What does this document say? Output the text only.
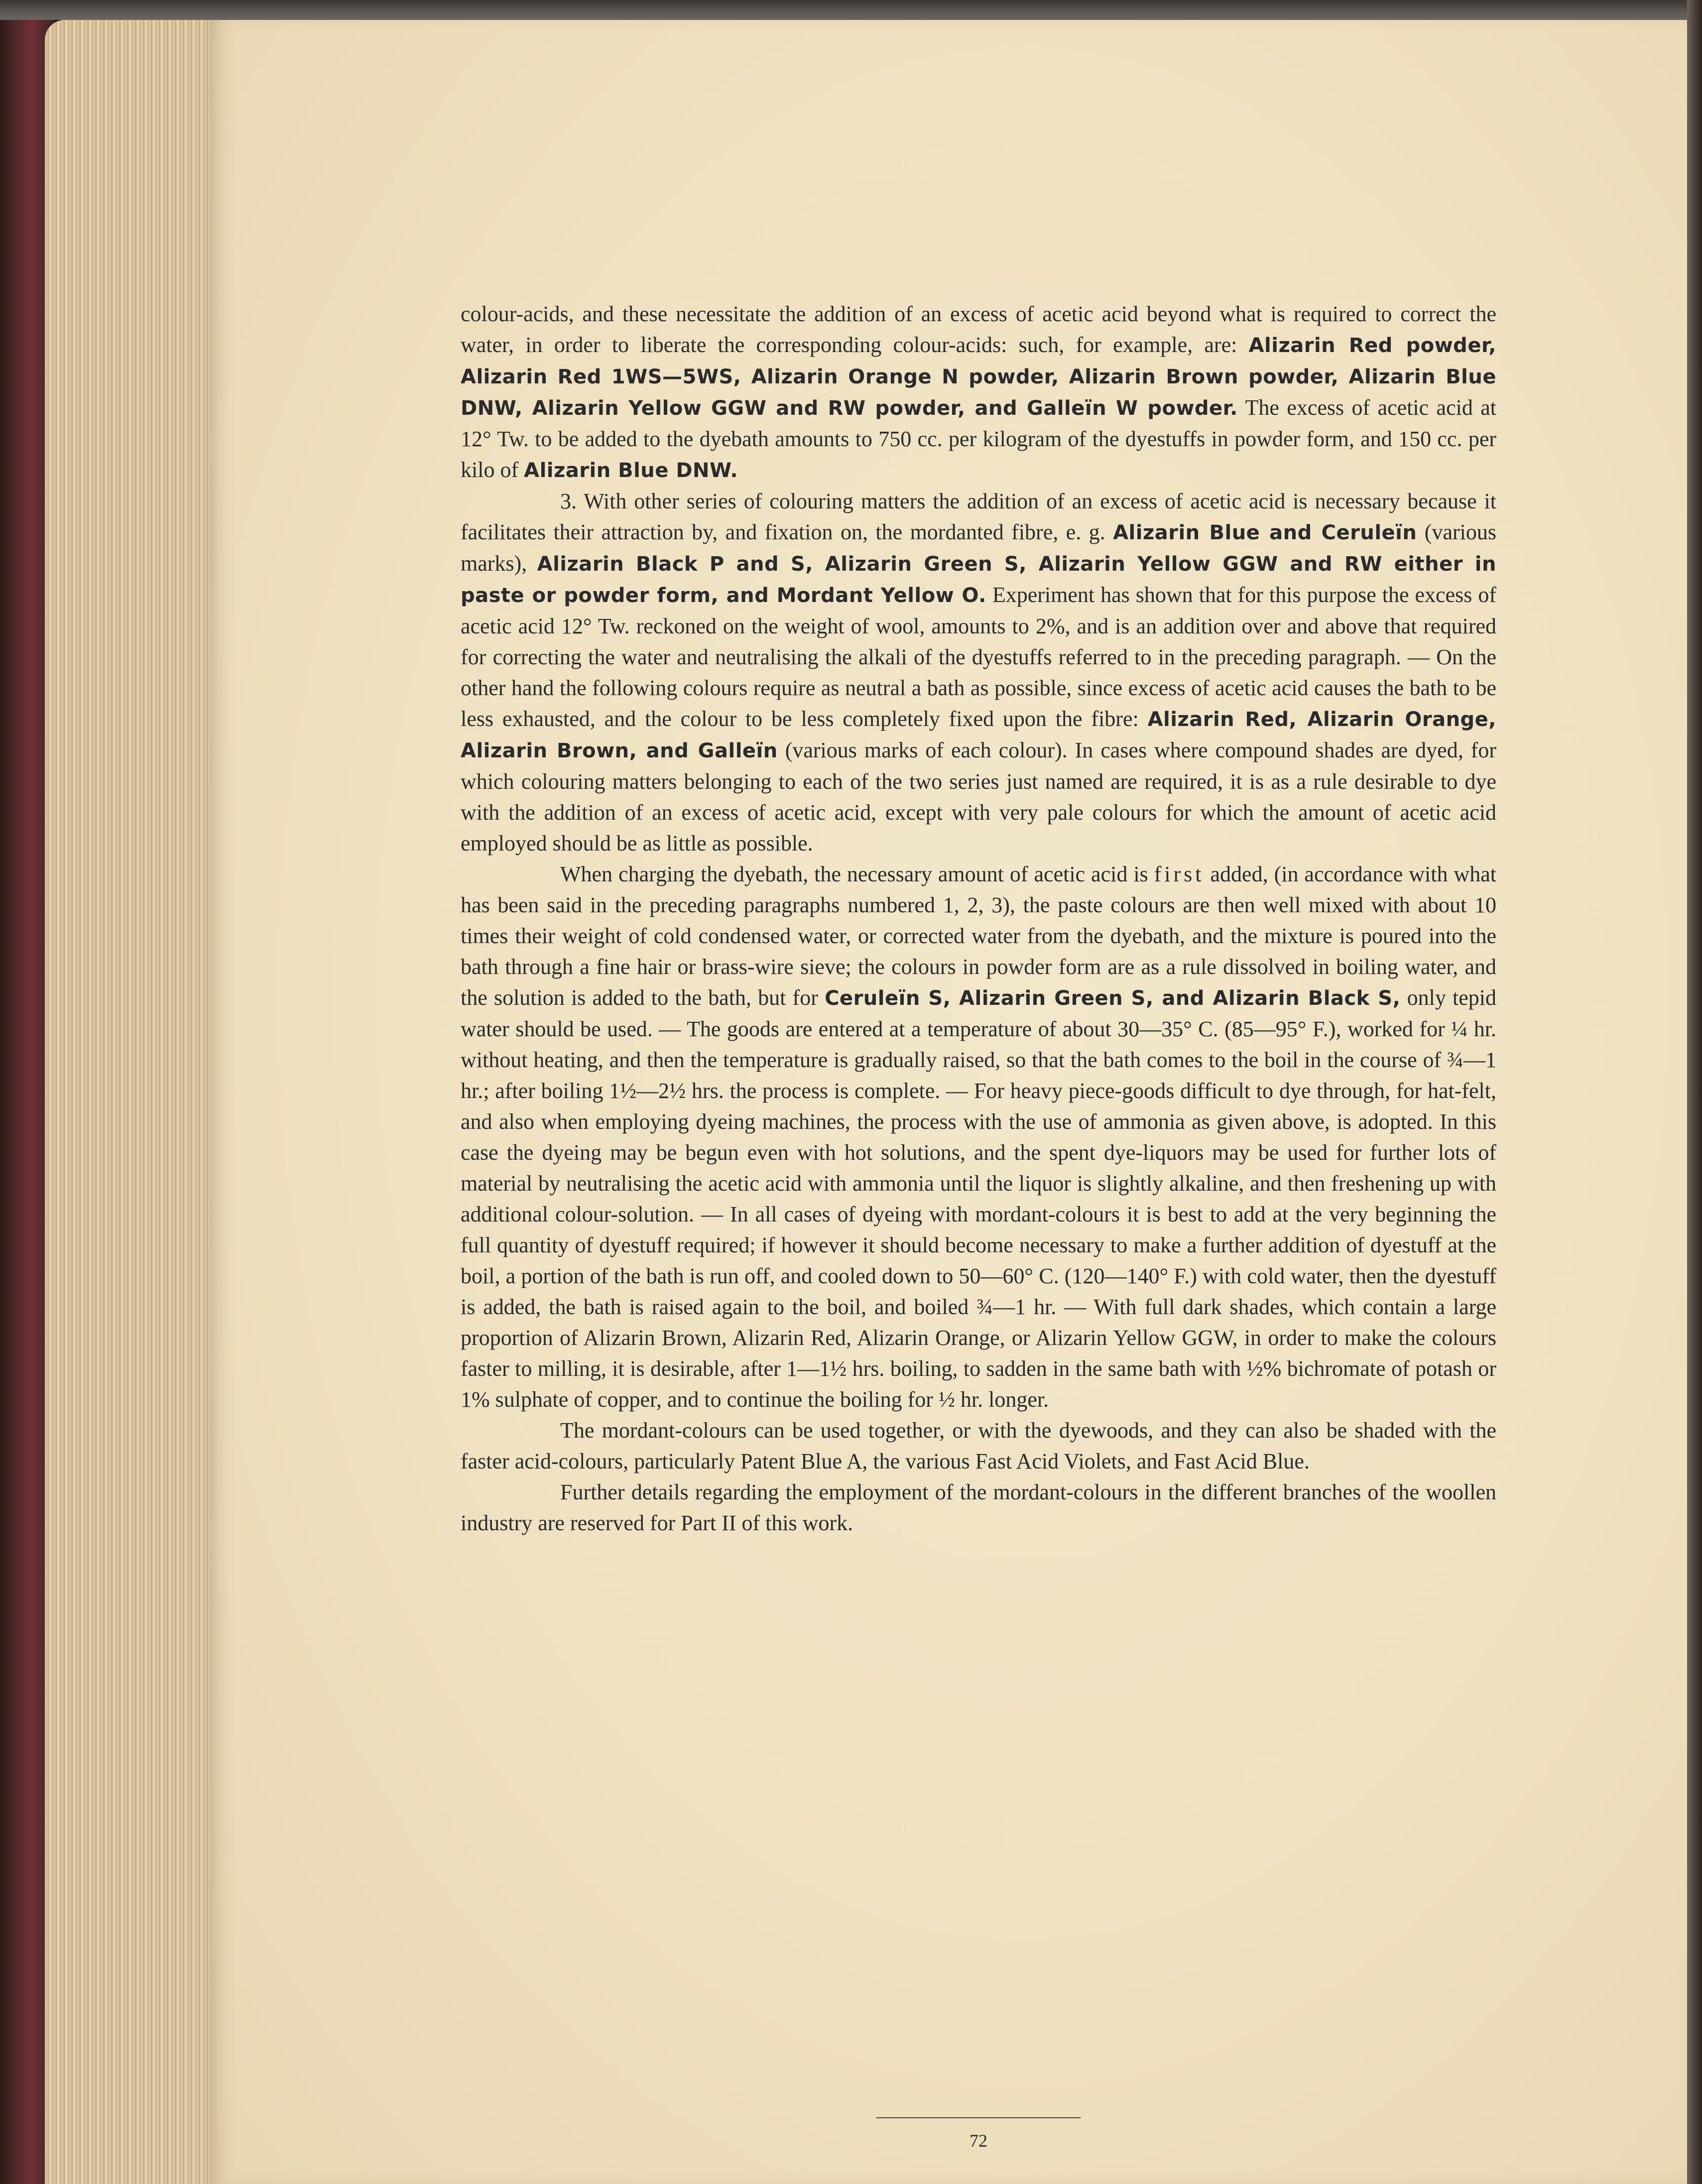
colour-acids, and these necessitate the addition of an excess of acetic acid beyond what is required to correct the water, in order to liberate the corresponding colour-acids: such, for example, are: Alizarin Red powder, Alizarin Red 1WS—5WS, Alizarin Orange N powder, Alizarin Brown powder, Alizarin Blue DNW, Alizarin Yellow GGW and RW powder, and Galleïn W powder. The excess of acetic acid at 12° Tw. to be added to the dyebath amounts to 750 cc. per kilogram of the dyestuffs in powder form, and 150 cc. per kilo of Alizarin Blue DNW.

3. With other series of colouring matters the addition of an excess of acetic acid is necessary because it facilitates their attraction by, and fixation on, the mordanted fibre, e. g. Alizarin Blue and Ceruleïn (various marks), Alizarin Black P and S, Alizarin Green S, Alizarin Yellow GGW and RW either in paste or powder form, and Mordant Yellow O. Experiment has shown that for this purpose the excess of acetic acid 12° Tw. reckoned on the weight of wool, amounts to 2%, and is an addition over and above that required for correcting the water and neutralising the alkali of the dyestuffs referred to in the preceding paragraph. — On the other hand the following colours require as neutral a bath as possible, since excess of acetic acid causes the bath to be less exhausted, and the colour to be less completely fixed upon the fibre: Alizarin Red, Alizarin Orange, Alizarin Brown, and Galleïn (various marks of each colour). In cases where compound shades are dyed, for which colouring matters belonging to each of the two series just named are required, it is as a rule desirable to dye with the addition of an excess of acetic acid, except with very pale colours for which the amount of acetic acid employed should be as little as possible.

When charging the dyebath, the necessary amount of acetic acid is first added, (in accordance with what has been said in the preceding paragraphs numbered 1, 2, 3), the paste colours are then well mixed with about 10 times their weight of cold condensed water, or corrected water from the dyebath, and the mixture is poured into the bath through a fine hair or brass-wire sieve; the colours in powder form are as a rule dissolved in boiling water, and the solution is added to the bath, but for Ceruleïn S, Alizarin Green S, and Alizarin Black S, only tepid water should be used. — The goods are entered at a temperature of about 30—35° C. (85—95° F.), worked for ¼ hr. without heating, and then the temperature is gradually raised, so that the bath comes to the boil in the course of ¾—1 hr.; after boiling 1½—2½ hrs. the process is complete. — For heavy piece-goods difficult to dye through, for hat-felt, and also when employing dyeing machines, the process with the use of ammonia as given above, is adopted. In this case the dyeing may be begun even with hot solutions, and the spent dye-liquors may be used for further lots of material by neutralising the acetic acid with ammonia until the liquor is slightly alkaline, and then freshening up with additional colour-solution. — In all cases of dyeing with mordant-colours it is best to add at the very beginning the full quantity of dyestuff required; if however it should become necessary to make a further addition of dyestuff at the boil, a portion of the bath is run off, and cooled down to 50—60° C. (120—140° F.) with cold water, then the dyestuff is added, the bath is raised again to the boil, and boiled ¾—1 hr. — With full dark shades, which contain a large proportion of Alizarin Brown, Alizarin Red, Alizarin Orange, or Alizarin Yellow GGW, in order to make the colours faster to milling, it is desirable, after 1—1½ hrs. boiling, to sadden in the same bath with ½% bichromate of potash or 1% sulphate of copper, and to continue the boiling for ½ hr. longer.

The mordant-colours can be used together, or with the dyewoods, and they can also be shaded with the faster acid-colours, particularly Patent Blue A, the various Fast Acid Violets, and Fast Acid Blue.

Further details regarding the employment of the mordant-colours in the different branches of the woollen industry are reserved for Part II of this work.

72
